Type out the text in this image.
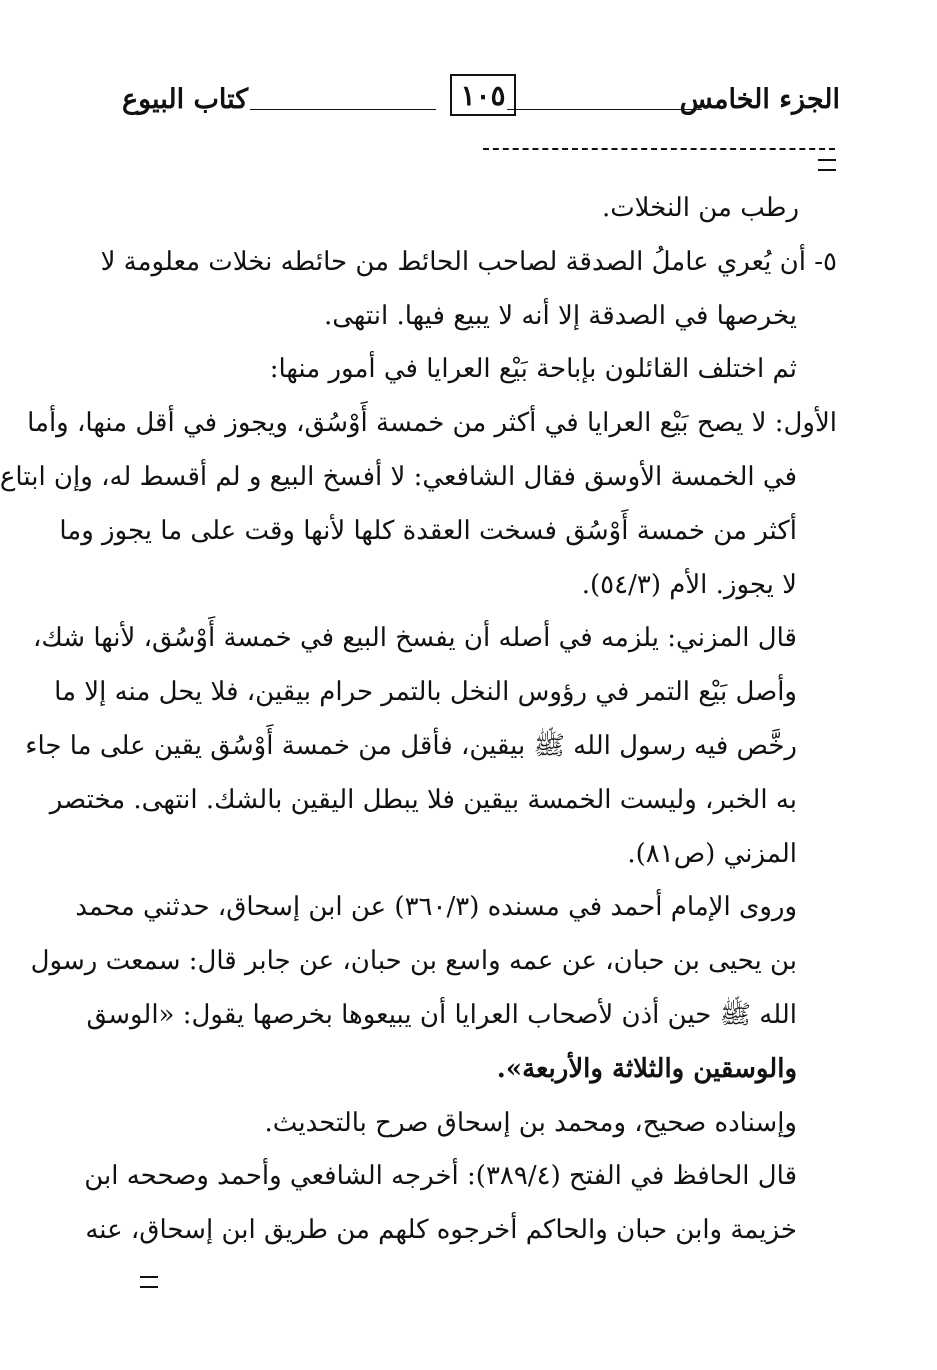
الجزء الخامس
١٠٥
كتاب البيوع
رطب من النخلات.
٥- أن يُعري عاملُ الصدقة لصاحب الحائط من حائطه نخلات معلومة لا
يخرصها في الصدقة إلا أنه لا يبيع فيها. انتهى.
ثم اختلف القائلون بإباحة بَيْع العرايا في أمور منها:
الأول: لا يصح بَيْع العرايا في أكثر من خمسة أَوْسُق، ويجوز في أقل منها، وأما
في الخمسة الأوسق فقال الشافعي: لا أفسخ البيع و لم أقسط له، وإن ابتاع
أكثر من خمسة أَوْسُق فسخت العقدة كلها لأنها وقت على ما يجوز وما
لا يجوز. الأم (٥٤/٣).
قال المزني: يلزمه في أصله أن يفسخ البيع في خمسة أَوْسُق، لأنها شك،
وأصل بَيْع التمر في رؤوس النخل بالتمر حرام بيقين، فلا يحل منه إلا ما
رخَّص فيه رسول الله ﷺ بيقين، فأقل من خمسة أَوْسُق يقين على ما جاء
به الخبر، وليست الخمسة بيقين فلا يبطل اليقين بالشك. انتهى. مختصر
المزني (ص٨١).
وروى الإمام أحمد في مسنده (٣٦٠/٣) عن ابن إسحاق، حدثني محمد
بن يحيى بن حبان، عن عمه واسع بن حبان، عن جابر قال: سمعت رسول
الله ﷺ حين أذن لأصحاب العرايا أن يبيعوها بخرصها يقول: «الوسق
والوسقين والثلاثة والأربعة».
وإسناده صحيح، ومحمد بن إسحاق صرح بالتحديث.
قال الحافظ في الفتح (٣٨٩/٤): أخرجه الشافعي وأحمد وصححه ابن
خزيمة وابن حبان والحاكم أخرجوه كلهم من طريق ابن إسحاق، عنه
